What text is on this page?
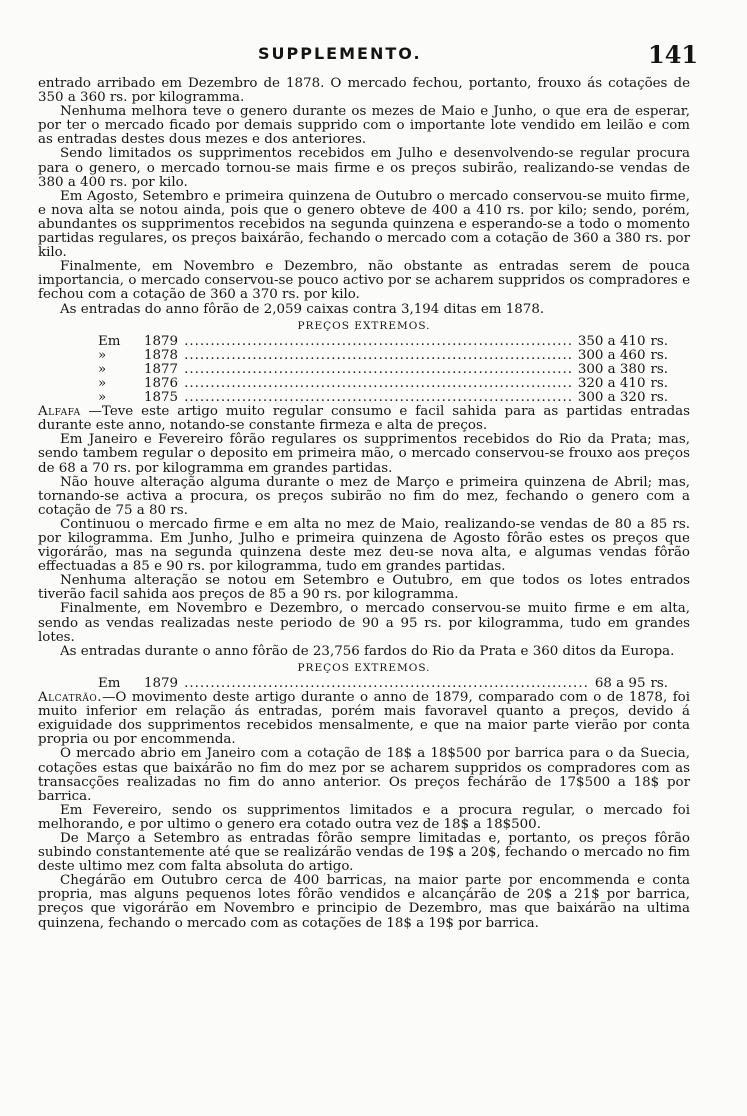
SUPPLEMENTO.	141

entrado arribado em Dezembro de 1878. O mercado fechou, portanto, frouxo ás cotações de 350 a 360 rs. por kilogramma.

Nenhuma melhora teve o genero durante os mezes de Maio e Junho, o que era de esperar, por ter o mercado ficado por demais supprido com o importante lote vendido em leilão e com as entradas destes dous mezes e dos anteriores.

Sendo limitados os supprimentos recebidos em Julho e desenvolvendo-se regular procura para o genero, o mercado tornou-se mais firme e os preços subirão, realizando-se vendas de 380 a 400 rs. por kilo.

Em Agosto, Setembro e primeira quinzena de Outubro o mercado conservou-se muito firme, e nova alta se notou ainda, pois que o genero obteve de 400 a 410 rs. por kilo; sendo, porém, abundantes os supprimentos recebidos na segunda quinzena e esperando-se a todo o momento partidas regulares, os preços baixárão, fechando o mercado com a cotação de 360 a 380 rs. por kilo.

Finalmente, em Novembro e Dezembro, não obstante as entradas serem de pouca importancia, o mercado conservou-se pouco activo por se acharem suppridos os compradores e fechou com a cotação de 360 a 370 rs. por kilo.

As entradas do anno fôrão de 2,059 caixas contra 3,194 ditas em 1878.

PREÇOS EXTREMOS.
Em	1879 .....	350 a 410 rs.
»	1878 .....	300 a 460 rs.
»	1877 .....	300 a 380 rs.
»	1876 .....	320 a 410 rs.
»	1875 .....	300 a 320 rs.

Alfafa —Teve este artigo muito regular consumo e facil sahida para as partidas entradas durante este anno, notando-se constante firmeza e alta de preços.

Em Janeiro e Fevereiro fôrão regulares os supprimentos recebidos do Rio da Prata; mas, sendo tambem regular o deposito em primeira mão, o mercado conservou-se frouxo aos preços de 68 a 70 rs. por kilogramma em grandes partidas.

Não houve alteração alguma durante o mez de Março e primeira quinzena de Abril; mas, tornando-se activa a procura, os preços subirão no fim do mez, fechando o genero com a cotação de 75 a 80 rs.

Continuou o mercado firme e em alta no mez de Maio, realizando-se vendas de 80 a 85 rs. por kilogramma. Em Junho, Julho e primeira quinzena de Agosto fôrão estes os preços que vigorárão, mas na segunda quinzena deste mez deu-se nova alta, e algumas vendas fôrão effectuadas a 85 e 90 rs. por kilogramma, tudo em grandes partidas.

Nenhuma alteração se notou em Setembro e Outubro, em que todos os lotes entrados tiverão facil sahida aos preços de 85 a 90 rs. por kilogramma.

Finalmente, em Novembro e Dezembro, o mercado conservou-se muito firme e em alta, sendo as vendas realizadas neste periodo de 90 a 95 rs. por kilogramma, tudo em grandes lotes.

As entradas durante o anno fôrão de 23,756 fardos do Rio da Prata e 360 ditos da Europa.

PREÇOS EXTREMOS.
Em	1879 .....	68 a 95 rs.

Alcatrão.—O movimento deste artigo durante o anno de 1879, comparado com o de 1878, foi muito inferior em relação ás entradas, porém mais favoravel quanto a preços, devido á exiguidade dos supprimentos recebidos mensalmente, e que na maior parte vierão por conta propria ou por encommenda.

O mercado abrio em Janeiro com a cotação de 18$ a 18$500 por barrica para o da Suecia, cotações estas que baixárão no fim do mez por se acharem suppridos os compradores com as transacções realizadas no fim do anno anterior. Os preços fechárão de 17$500 a 18$ por barrica.

Em Fevereiro, sendo os supprimentos limitados e a procura regular, o mercado foi melhorando, e por ultimo o genero era cotado outra vez de 18$ a 18$500.

De Março a Setembro as entradas fôrão sempre limitadas e, portanto, os preços fôrão subindo constantemente até que se realizárão vendas de 19$ a 20$, fechando o mercado no fim deste ultimo mez com falta absoluta do artigo.

Chegárão em Outubro cerca de 400 barricas, na maior parte por encommenda e conta propria, mas alguns pequenos lotes fôrão vendidos e alcançárão de 20$ a 21$ por barrica, preços que vigorárão em Novembro e principio de Dezembro, mas que baixárão na ultima quinzena, fechando o mercado com as cotações de 18$ a 19$ por barrica.
